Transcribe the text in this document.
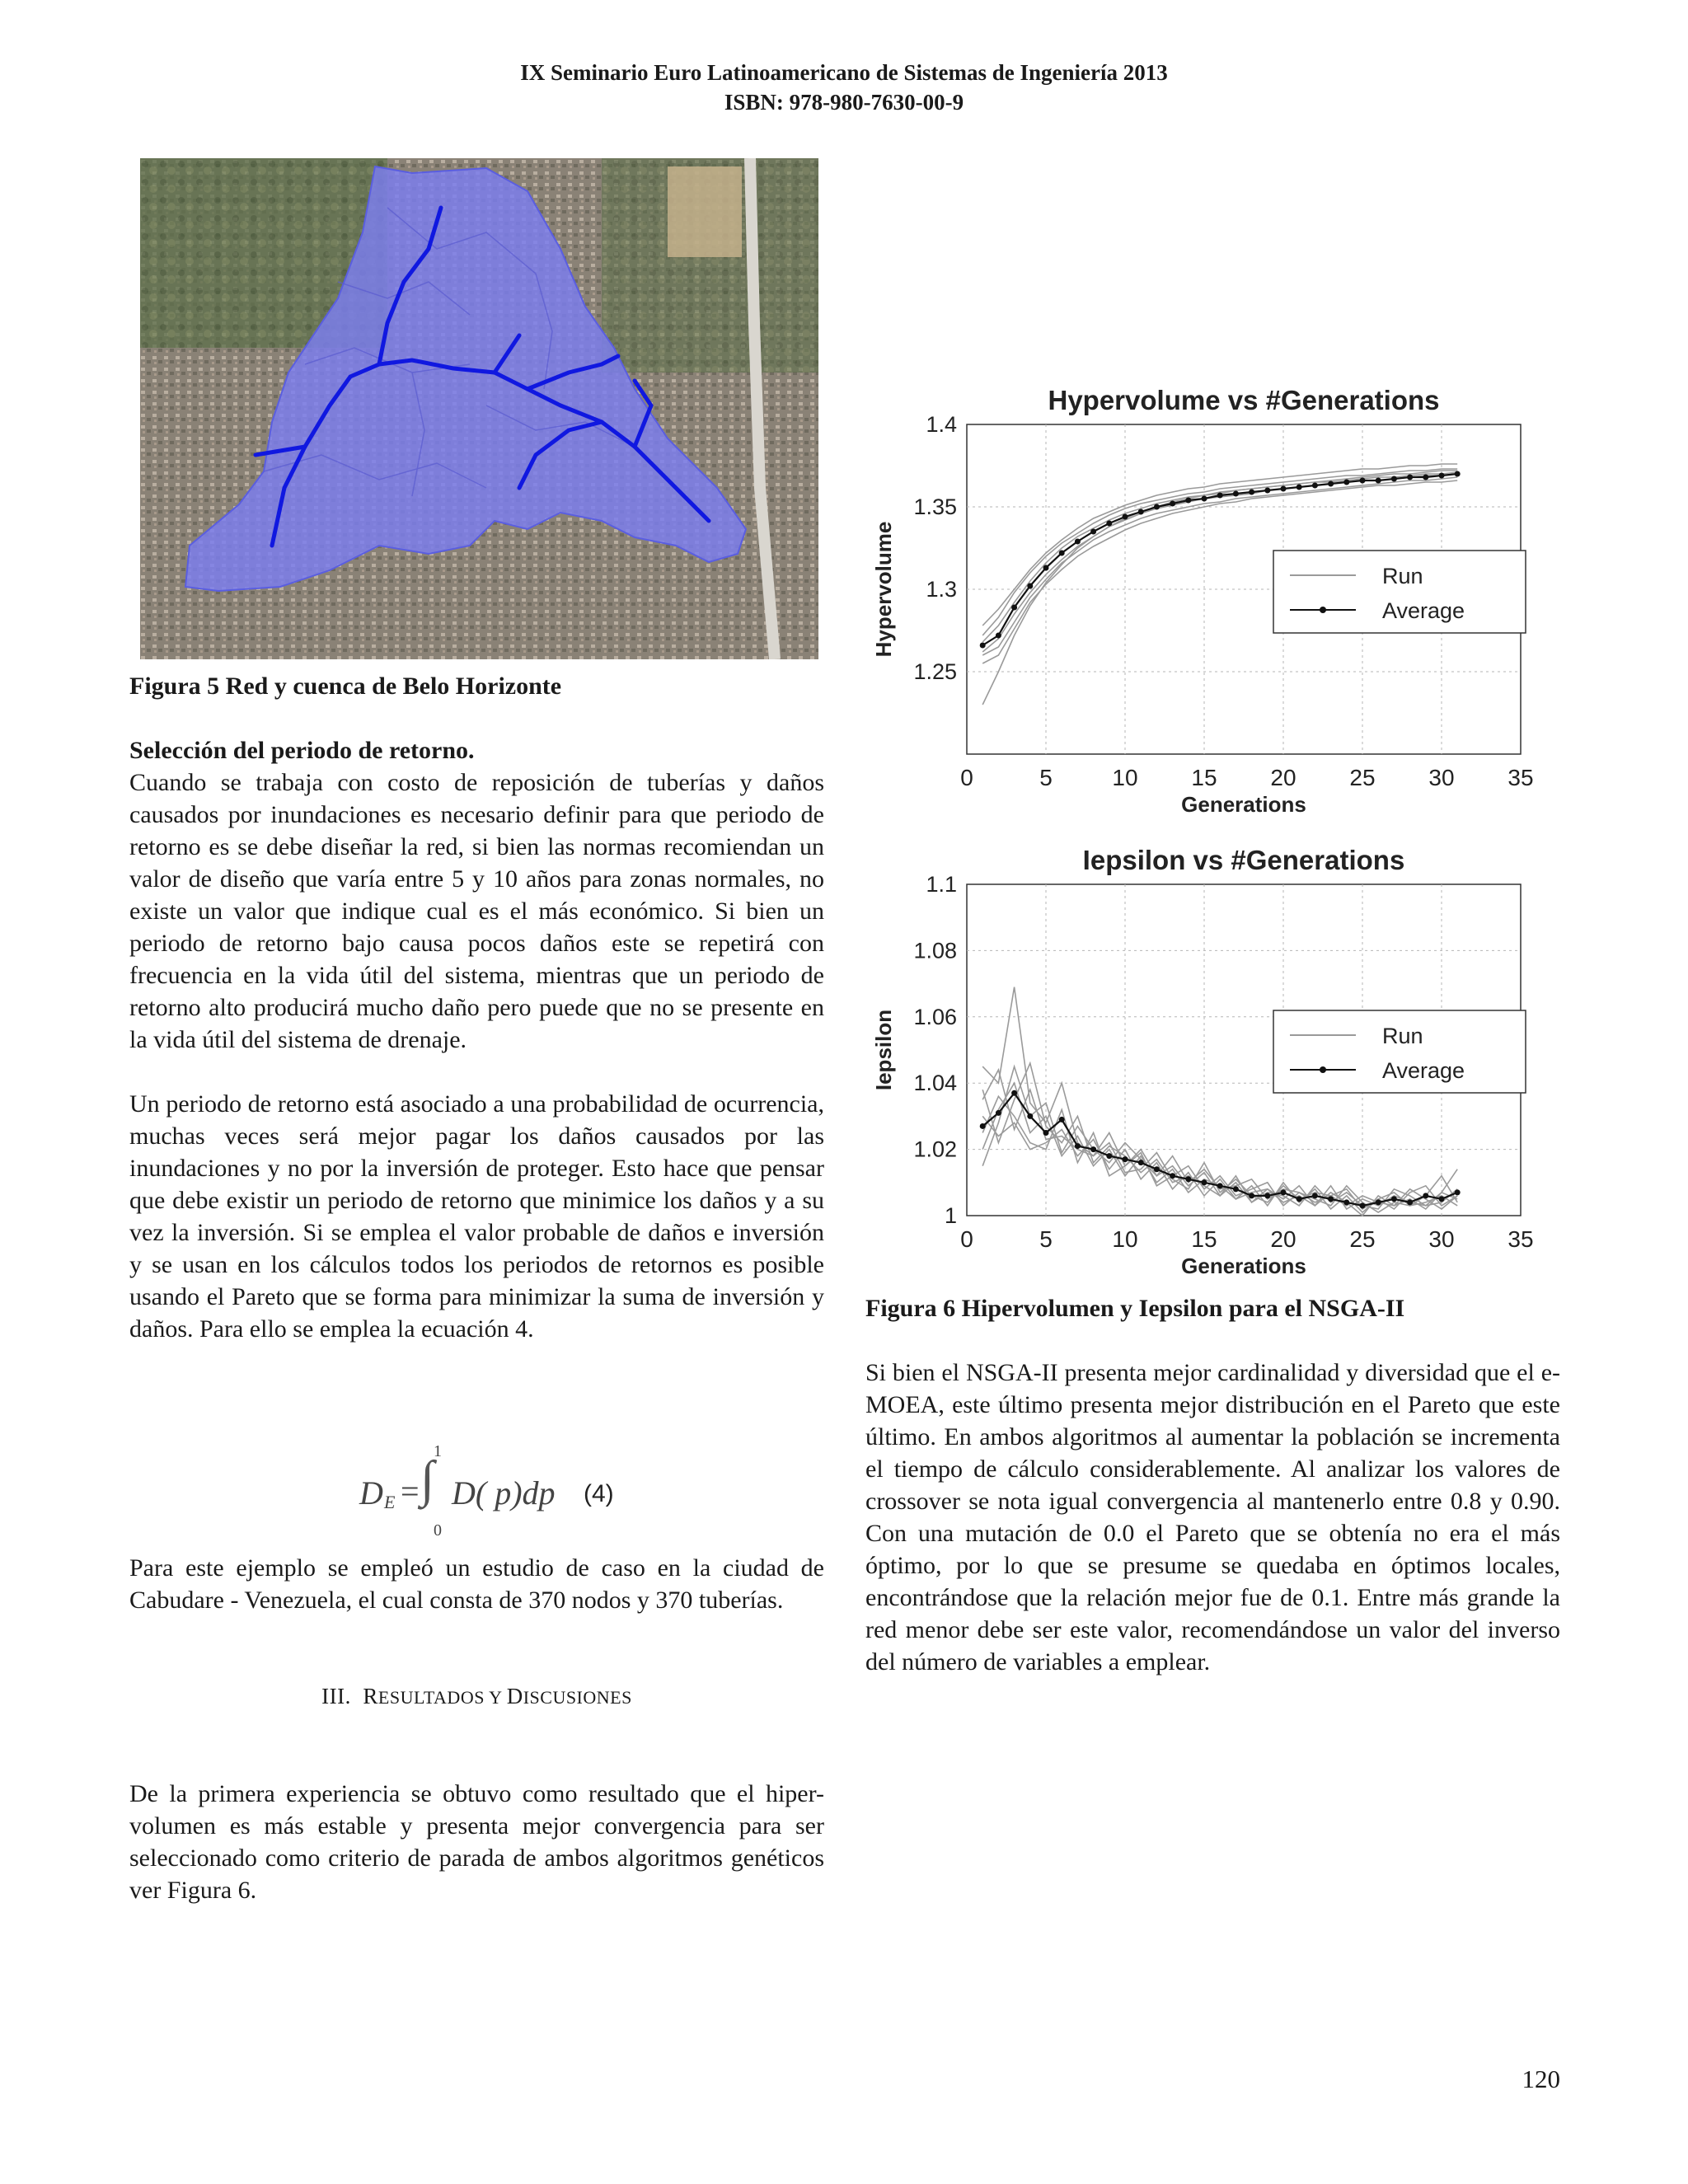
IX Seminario Euro Latinoamericano de Sistemas de Ingeniería 2013
ISBN: 978-980-7630-00-9

Figura 5 Red y cuenca de Belo Horizonte

Selección del periodo de retorno.

Cuando se trabaja con costo de reposición de tuberías y daños causados por inundaciones es necesario definir para que periodo de retorno es se debe diseñar la red, si bien las normas recomiendan un valor de diseño que varía entre 5 y 10 años para zonas normales, no existe un valor que indique cual es el más económico. Si bien un periodo de retorno bajo causa pocos daños este se repetirá con frecuencia en la vida útil del sistema, mientras que un periodo de retorno alto producirá mucho daño pero puede que no se presente en la vida útil del sistema de drenaje.

Un periodo de retorno está asociado a una probabilidad de ocurrencia, muchas veces será mejor pagar los daños causados por las inundaciones y no por la inversión de proteger. Esto hace que pensar que debe existir un periodo de retorno que minimice los daños y a su vez la inversión. Si se emplea el valor probable de daños e inversión y se usan en los cálculos todos los periodos de retornos es posible usando el Pareto que se forma para minimizar la suma de inversión y daños. Para ello se emplea la ecuación 4.

1
∫
0
D E = D( p)dp (4)

Para este ejemplo se empleó un estudio de caso en la ciudad de Cabudare - Venezuela, el cual consta de 370 nodos y 370 tuberías.

III. RESULTADOS Y DISCUSIONES

De la primera experiencia se obtuvo como resultado que el hiper-volumen es más estable y presenta mejor convergencia para ser seleccionado como criterio de parada de ambos algoritmos genéticos ver Figura 6.

Hypervolume vs #Generations
0	5	10 15 20 25 30 35
1.25
1.3
1.35
1.4
Generations
Hypervolume	Run
Average
Iepsilon vs #Generations
0	5	10 15 20 25 30 35
1
1.02
1.04
1.06
1.08
1.1
Generations
Iepsilon	Run
Average

Figura 6 Hipervolumen y Iepsilon para el NSGA-II

Si bien el NSGA-II presenta mejor cardinalidad y diversidad que el e-MOEA, este último presenta mejor distribución en el Pareto que este último. En ambos algoritmos al aumentar la población se incrementa el tiempo de cálculo considerablemente. Al analizar los valores de crossover se nota igual convergencia al mantenerlo entre 0.8 y 0.90. Con una mutación de 0.0 el Pareto que se obtenía no era el más óptimo, por lo que se presume se quedaba en óptimos locales, encontrándose que la relación mejor fue de 0.1. Entre más grande la red menor debe ser este valor, recomendándose un valor del inverso del número de variables a emplear.

120
